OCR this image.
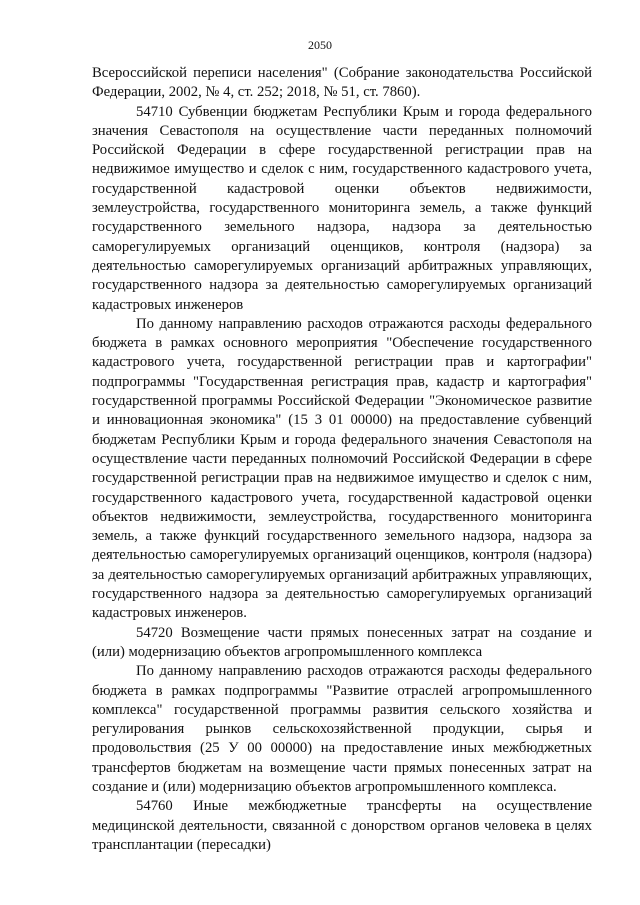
2050

Всероссийской переписи населения" (Собрание законодательства Российской Федерации, 2002, № 4, ст. 252; 2018, № 51, ст. 7860).

54710 Субвенции бюджетам Республики Крым и города федерального значения Севастополя на осуществление части переданных полномочий Российской Федерации в сфере государственной регистрации прав на недвижимое имущество и сделок с ним, государственного кадастрового учета, государственной кадастровой оценки объектов недвижимости, землеустройства, государственного мониторинга земель, а также функций государственного земельного надзора, надзора за деятельностью саморегулируемых организаций оценщиков, контроля (надзора) за деятельностью саморегулируемых организаций арбитражных управляющих, государственного надзора за деятельностью саморегулируемых организаций кадастровых инженеров

По данному направлению расходов отражаются расходы федерального бюджета в рамках основного мероприятия "Обеспечение государственного кадастрового учета, государственной регистрации прав и картографии" подпрограммы "Государственная регистрация прав, кадастр и картография" государственной программы Российской Федерации "Экономическое развитие и инновационная экономика" (15 3 01 00000) на предоставление субвенций бюджетам Республики Крым и города федерального значения Севастополя на осуществление части переданных полномочий Российской Федерации в сфере государственной регистрации прав на недвижимое имущество и сделок с ним, государственного кадастрового учета, государственной кадастровой оценки объектов недвижимости, землеустройства, государственного мониторинга земель, а также функций государственного земельного надзора, надзора за деятельностью саморегулируемых организаций оценщиков, контроля (надзора) за деятельностью саморегулируемых организаций арбитражных управляющих, государственного надзора за деятельностью саморегулируемых организаций кадастровых инженеров.

54720 Возмещение части прямых понесенных затрат на создание и (или) модернизацию объектов агропромышленного комплекса

По данному направлению расходов отражаются расходы федерального бюджета в рамках подпрограммы "Развитие отраслей агропромышленного комплекса" государственной программы развития сельского хозяйства и регулирования рынков сельскохозяйственной продукции, сырья и продовольствия (25 У 00 00000) на предоставление иных межбюджетных трансфертов бюджетам на возмещение части прямых понесенных затрат на создание и (или) модернизацию объектов агропромышленного комплекса.

54760 Иные межбюджетные трансферты на осуществление медицинской деятельности, связанной с донорством органов человека в целях трансплантации (пересадки)
